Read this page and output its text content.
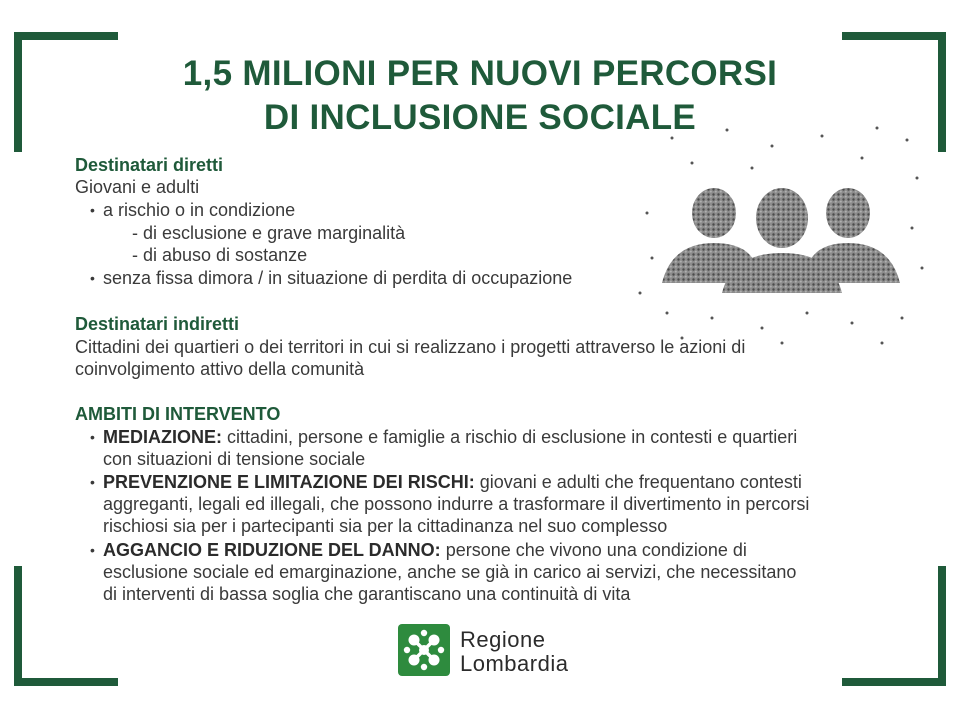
1,5 MILIONI PER NUOVI PERCORSI
DI INCLUSIONE SOCIALE
Destinatari diretti
Giovani e adulti
• a rischio o in condizione
- di esclusione e grave marginalità
- di abuso di sostanze
• senza fissa dimora / in situazione di perdita di occupazione
Destinatari indiretti
Cittadini dei quartieri o dei territori in cui si realizzano i progetti attraverso le azioni di
coinvolgimento attivo della comunità
AMBITI DI INTERVENTO
• MEDIAZIONE: cittadini, persone e famiglie a rischio di esclusione in contesti e quartieri
con situazioni di tensione sociale
• PREVENZIONE E LIMITAZIONE DEI RISCHI: giovani e adulti che frequentano contesti
aggreganti, legali ed illegali, che possono indurre a trasformare il divertimento in percorsi
rischiosi sia per i partecipanti sia per la cittadinanza nel suo complesso
• AGGANCIO E RIDUZIONE DEL DANNO: persone che vivono una condizione di
esclusione sociale ed emarginazione, anche se già in carico ai servizi, che necessitano
di interventi di bassa soglia che garantiscano una continuità di vita
Regione
Lombardia
